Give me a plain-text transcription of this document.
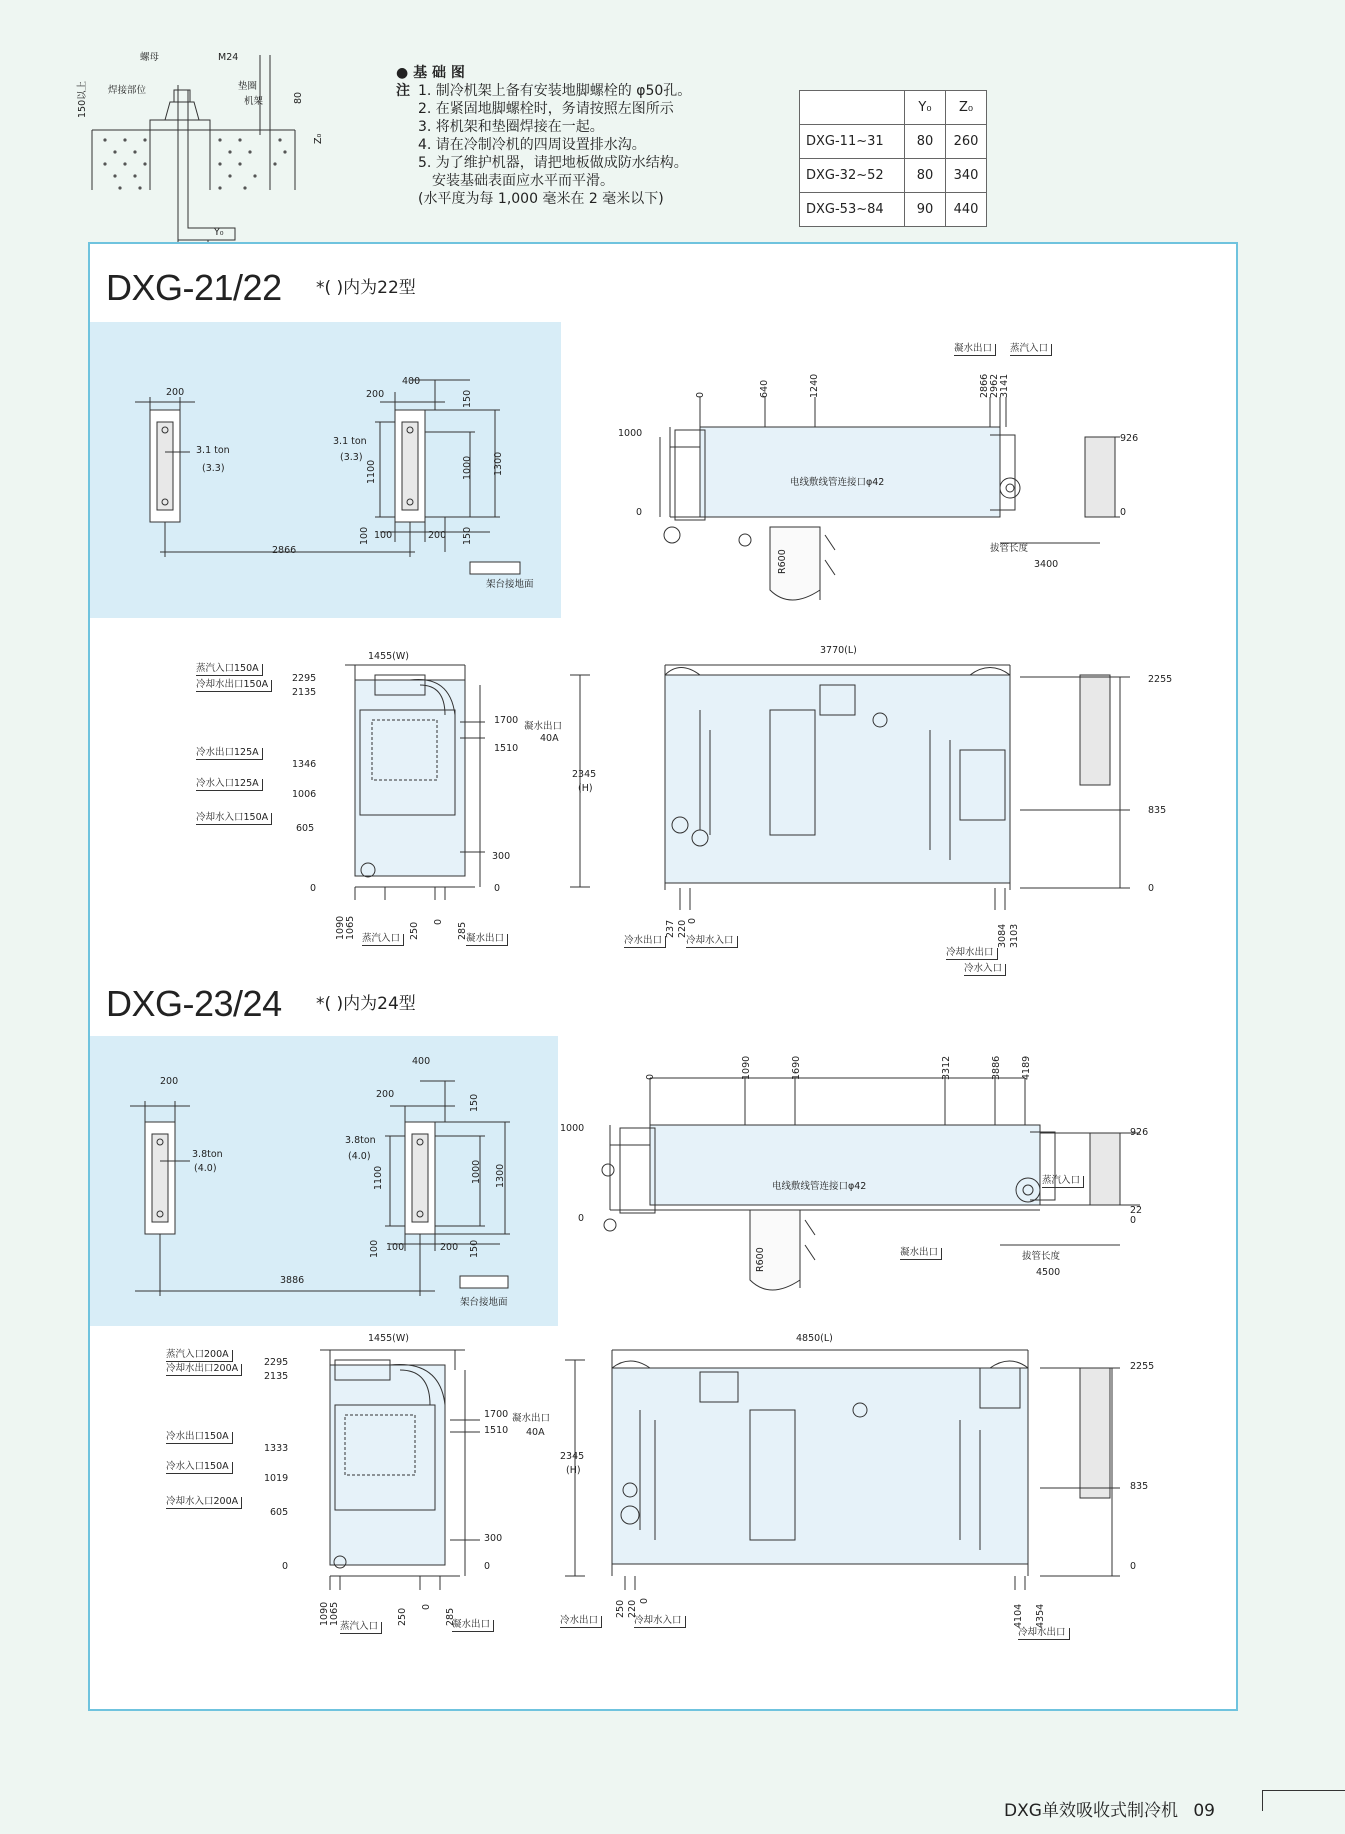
螺母	M24
焊接部位	垫圈
机架
150以上	80
Z₀
Y₀
● 基 础 图
注 1. 制冷机架上备有安装地脚螺栓的 φ50孔。
2. 在紧固地脚螺栓时，务请按照左图所示
3. 将机架和垫圈焊接在一起。
4. 请在冷制冷机的四周设置排水沟。
5. 为了维护机器，请把地板做成防水结构。
安装基础表面应水平而平滑。
(水平度为每 1,000 毫米在 2 毫米以下)
	Y₀	Z₀
DXG-11~31	80	260
DXG-32~52	80	340
DXG-53~84	90	440
DXG-21/22 *( )内为22型
200
400
200
3.1 ton
(3.3)
3.1 ton
(3.3)
1100	1000 1300
150
150
100 100	200
2866
架台接地面
0	640	1240	2866 2962 3141
1000
0
926
0
电线敷线管连接口φ42
R600
凝水出口	蒸汽入口
拔管长度
3400
1455(W)
蒸汽入口150A
冷却水出口150A
2295
2135
冷水出口125A
冷水入口125A
冷却水入口150A
1346
1006
605
0	0
1700
1510
300
凝水出口
40A
2345
(H)
1090 1065	250 0 285
蒸汽入口	凝水出口
3770(L)
2255
835
0
237 220 0
3084 3103
冷水出口	冷却水入口
冷却水出口
冷水入口
DXG-23/24 *( )内为24型
200
400
200
3.8ton
(4.0)
3.8ton
(4.0)
1100	1000 1300
150
150
100 100	200
3886
架台接地面
0	1090	1690	3312	3886 4189
1000
0
926
22
0
电线敷线管连接口φ42
R600	凝水出口
蒸汽入口
拔管长度
4500
1455(W)
蒸汽入口200A
冷却水出口200A
2295
2135
冷水出口150A
冷水入口150A
冷却水入口200A
1333
1019
605
0	0
1700
1510
300
凝水出口
40A
2345
(H)
1090 1065	250
0
285
蒸汽入口	凝水出口
4850(L)
2255
835
0
250 220 0
4104 4354
冷水出口	冷却水入口
冷却水出口
DXG单效吸收式制冷机 09
